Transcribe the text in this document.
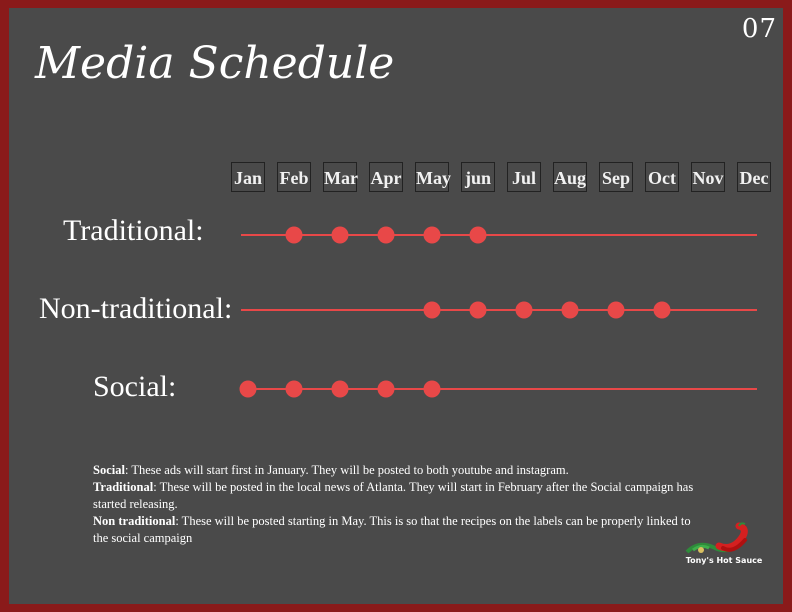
07
Media Schedule
Jan Feb Mar Apr May jun Jul Aug Sep Oct Nov Dec
Traditional:
Non-traditional:
Social:

Social: These ads will start first in January. They will be posted to both youtube and instagram.

Traditional: These will be posted in the local news of Atlanta. They will start in February after the Social campaign has started releasing.

Non traditional: These will be posted starting in May. This is so that the recipes on the labels can be properly linked to the social campaign

Tony's Hot Sauce
